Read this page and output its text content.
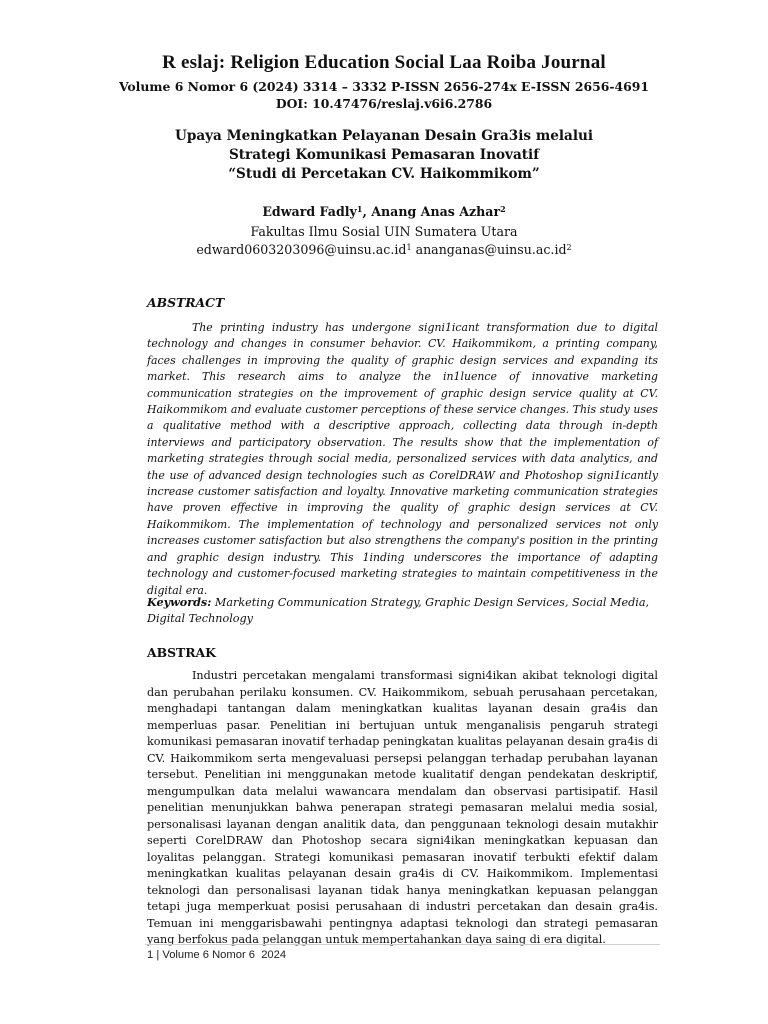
R eslaj: Religion Education Social Laa Roiba Journal
Volume 6 Nomor 6 (2024) 3314 – 3332 P-ISSN 2656-274x E-ISSN 2656-4691
DOI: 10.47476/reslaj.v6i6.2786
Upaya Meningkatkan Pelayanan Desain Gra3is melalui
Strategi Komunikasi Pemasaran Inovatif
“Studi di Percetakan CV. Haikommikom”
Edward Fadly$^1$, Anang Anas Azhar$^2$
Fakultas Ilmu Sosial UIN Sumatera Utara
$edward0603203096@uinsu.ac.id^1$ $ananganas@uinsu.ac.id^2$
ABSTRACT

The printing industry has undergone signi1icant transformation due to digital technology and changes in consumer behavior. CV. Haikommikom, a printing company, faces challenges in improving the quality of graphic design services and expanding its market. This research aims to analyze the in1luence of innovative marketing communication strategies on the improvement of graphic design service quality at CV. Haikommikom and evaluate customer perceptions of these service changes. This study uses a qualitative method with a descriptive approach, collecting data through in-depth interviews and participatory observation. The results show that the implementation of marketing strategies through social media, personalized services with data analytics, and the use of advanced design technologies such as CorelDRAW and Photoshop signi1icantly increase customer satisfaction and loyalty. Innovative marketing communication strategies have proven effective in improving the quality of graphic design services at CV. Haikommikom. The implementation of technology and personalized services not only increases customer satisfaction but also strengthens the company's position in the printing and graphic design industry. This 1inding underscores the importance of adapting technology and customer-focused marketing strategies to maintain competitiveness in the digital era.

Keywords: Marketing Communication Strategy, Graphic Design Services, Social Media, Digital Technology

ABSTRAK

Industri percetakan mengalami transformasi signi4ikan akibat teknologi digital dan perubahan perilaku konsumen. CV. Haikommikom, sebuah perusahaan percetakan, menghadapi tantangan dalam meningkatkan kualitas layanan desain gra4is dan memperluas pasar. Penelitian ini bertujuan untuk menganalisis pengaruh strategi komunikasi pemasaran inovatif terhadap peningkatan kualitas pelayanan desain gra4is di CV. Haikommikom serta mengevaluasi persepsi pelanggan terhadap perubahan layanan tersebut. Penelitian ini menggunakan metode kualitatif dengan pendekatan deskriptif, mengumpulkan data melalui wawancara mendalam dan observasi partisipatif. Hasil penelitian menunjukkan bahwa penerapan strategi pemasaran melalui media sosial, personalisasi layanan dengan analitik data, dan penggunaan teknologi desain mutakhir seperti CorelDRAW dan Photoshop secara signi4ikan meningkatkan kepuasan dan loyalitas pelanggan. Strategi komunikasi pemasaran inovatif terbukti efektif dalam meningkatkan kualitas pelayanan desain gra4is di CV. Haikommikom. Implementasi teknologi dan personalisasi layanan tidak hanya meningkatkan kepuasan pelanggan tetapi juga memperkuat posisi perusahaan di industri percetakan dan desain gra4is. Temuan ini menggarisbawahi pentingnya adaptasi teknologi dan strategi pemasaran yang berfokus pada pelanggan untuk mempertahankan daya saing di era digital.

1 | Volume 6 Nomor 6  2024
